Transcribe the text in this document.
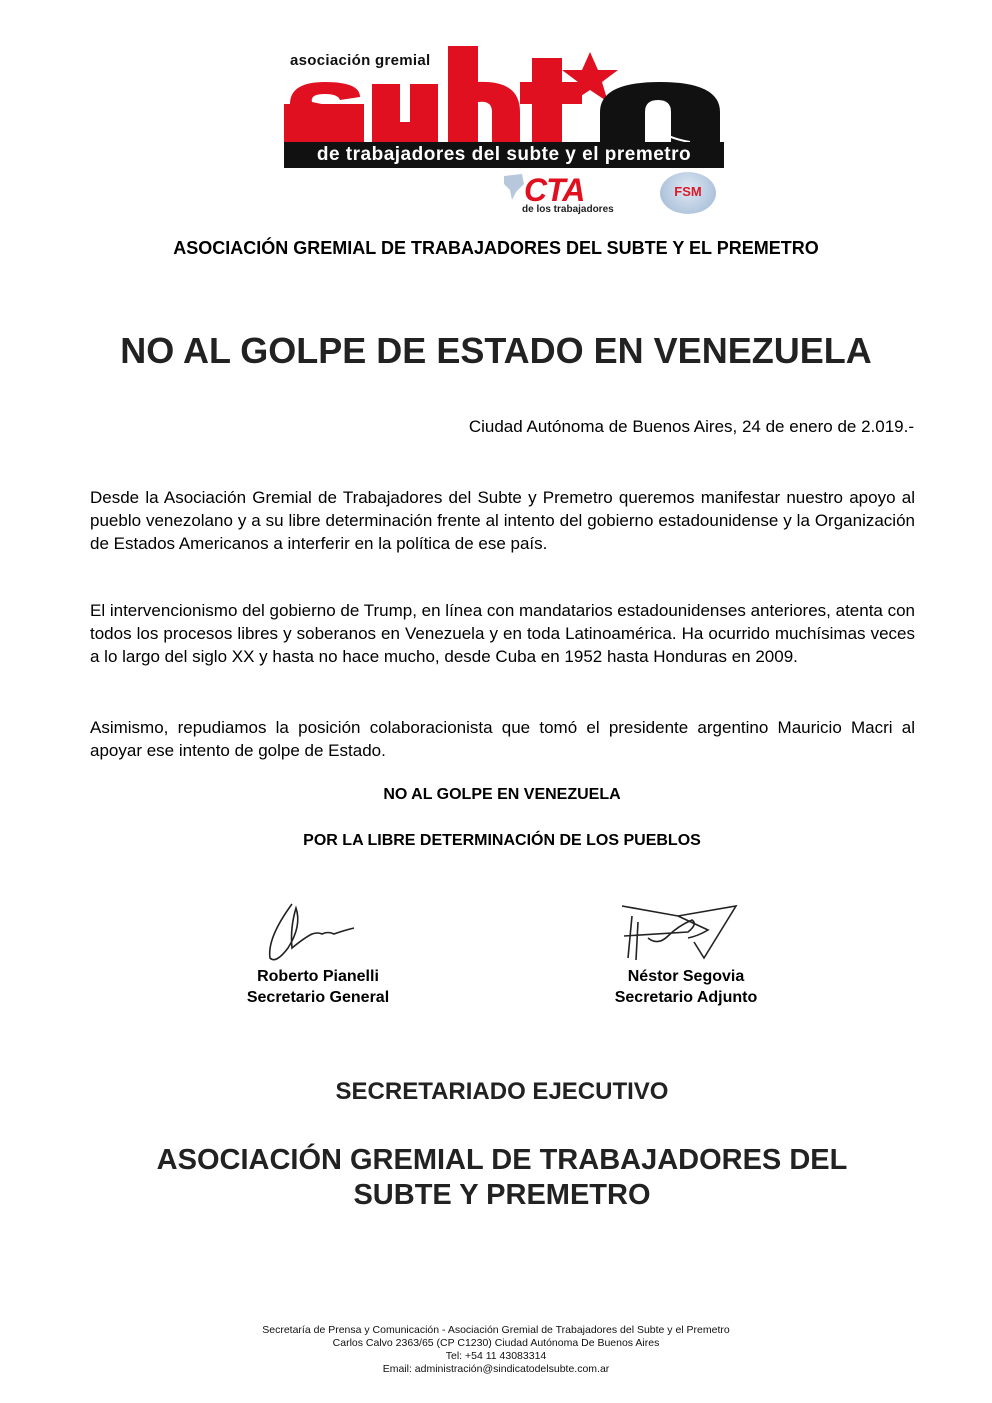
asociación gremial
de trabajadores del subte y el premetro
CTA
de los trabajadores
FSM
ASOCIACIÓN GREMIAL DE TRABAJADORES DEL SUBTE Y EL PREMETRO
NO AL GOLPE DE ESTADO EN VENEZUELA
Ciudad Autónoma de Buenos Aires, 24 de enero de 2.019.-
Desde la Asociación Gremial de Trabajadores del Subte y Premetro queremos manifestar nuestro apoyo al pueblo venezolano y a su libre determinación frente al intento del gobierno estadounidense y la Organización de Estados Americanos a interferir en la política de ese país.
El intervencionismo del gobierno de Trump, en línea con mandatarios estadounidenses anteriores, atenta con todos los procesos libres y soberanos en Venezuela y en toda Latinoamérica. Ha ocurrido muchísimas veces a lo largo del siglo XX y hasta no hace mucho, desde Cuba en 1952 hasta Honduras en 2009.
Asimismo, repudiamos la posición colaboracionista que tomó el presidente argentino Mauricio Macri al apoyar ese intento de golpe de Estado.
NO AL GOLPE EN VENEZUELA
POR LA LIBRE DETERMINACIÓN DE LOS PUEBLOS
Roberto Pianelli
Secretario General
Néstor Segovia
Secretario Adjunto
SECRETARIADO EJECUTIVO
ASOCIACIÓN GREMIAL DE TRABAJADORES DEL SUBTE Y PREMETRO
Secretaría de Prensa y Comunicación - Asociación Gremial de Trabajadores del Subte y el Premetro
Carlos Calvo 2363/65 (CP C1230) Ciudad Autónoma De Buenos Aires
Tel: +54 11 43083314
Email: administración@sindicatodelsubte.com.ar
